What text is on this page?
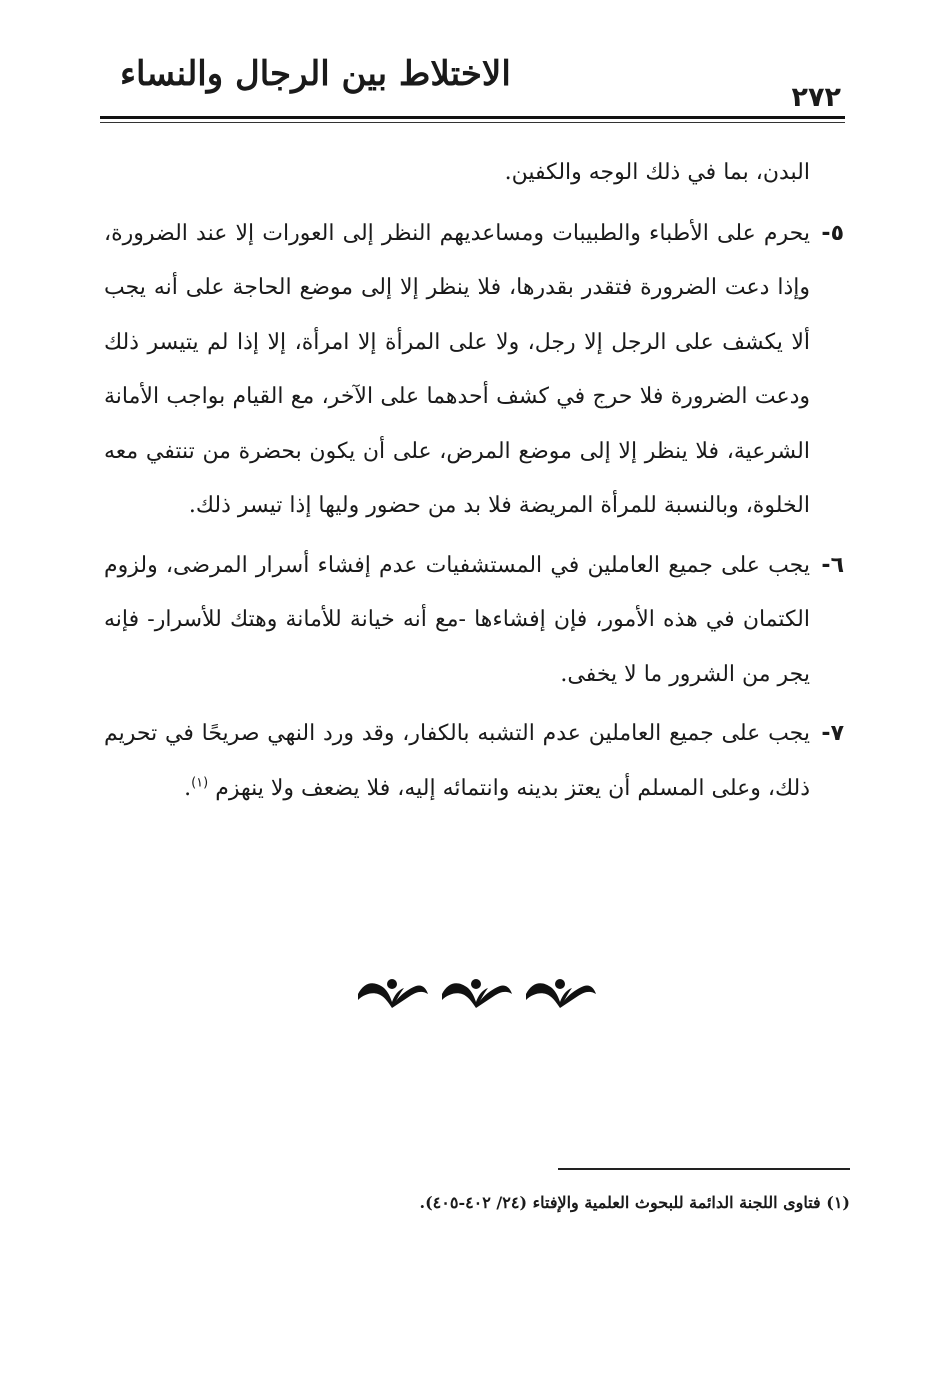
الاختلاط بين الرجال والنساء
٢٧٢

البدن، بما في ذلك الوجه والكفين.

٥-
يحرم على الأطباء والطبيبات ومساعديهم النظر إلى العورات إلا عند الضرورة، وإذا دعت الضرورة فتقدر بقدرها، فلا ينظر إلا إلى موضع الحاجة على أنه يجب ألا يكشف على الرجل إلا رجل، ولا على المرأة إلا امرأة، إلا إذا لم يتيسر ذلك ودعت الضرورة فلا حرج في كشف أحدهما على الآخر، مع القيام بواجب الأمانة الشرعية، فلا ينظر إلا إلى موضع المرض، على أن يكون بحضرة من تنتفي معه الخلوة، وبالنسبة للمرأة المريضة فلا بد من حضور وليها إذا تيسر ذلك.

٦-
يجب على جميع العاملين في المستشفيات عدم إفشاء أسرار المرضى، ولزوم الكتمان في هذه الأمور، فإن إفشاءها -مع أنه خيانة للأمانة وهتك للأسرار- فإنه يجر من الشرور ما لا يخفى.

٧-
يجب على جميع العاملين عدم التشبه بالكفار، وقد ورد النهي صريحًا في تحريم ذلك، وعلى المسلم أن يعتز بدينه وانتمائه إليه، فلا يضعف ولا ينهزم $^{(١)}$.

(١) فتاوى اللجنة الدائمة للبحوث العلمية والإفتاء (٢٤/ ٤٠٢-٤٠٥).
